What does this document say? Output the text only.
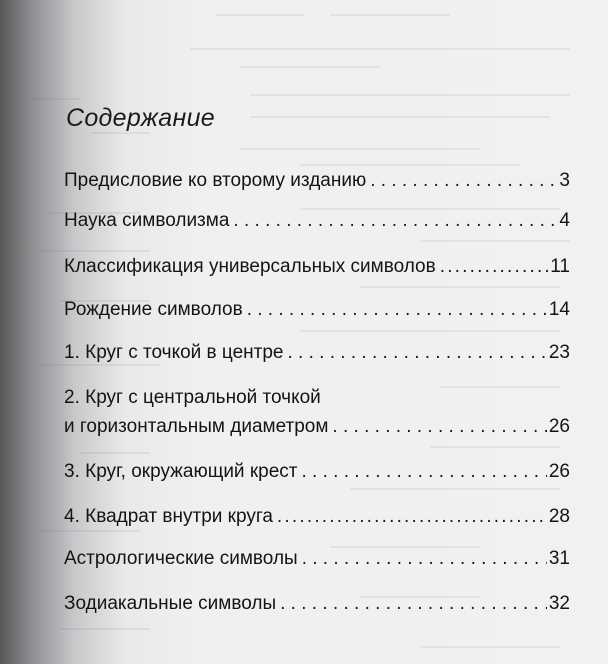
Содержание
Предисловие ко второму изданию . . .	3
Наука символизма . . .	4
Классификация универсальных символов .....	11
Рождение символов . . .	14
1. Круг с точкой в центре . . .	23
2. Круг с центральной точкой
и горизонтальным диаметром . . .	26
3. Круг, окружающий крест . . .	26
4. Квадрат внутри круга .....	28
Астрологические символы . . .	31
Зодиакальные символы . . .	32
